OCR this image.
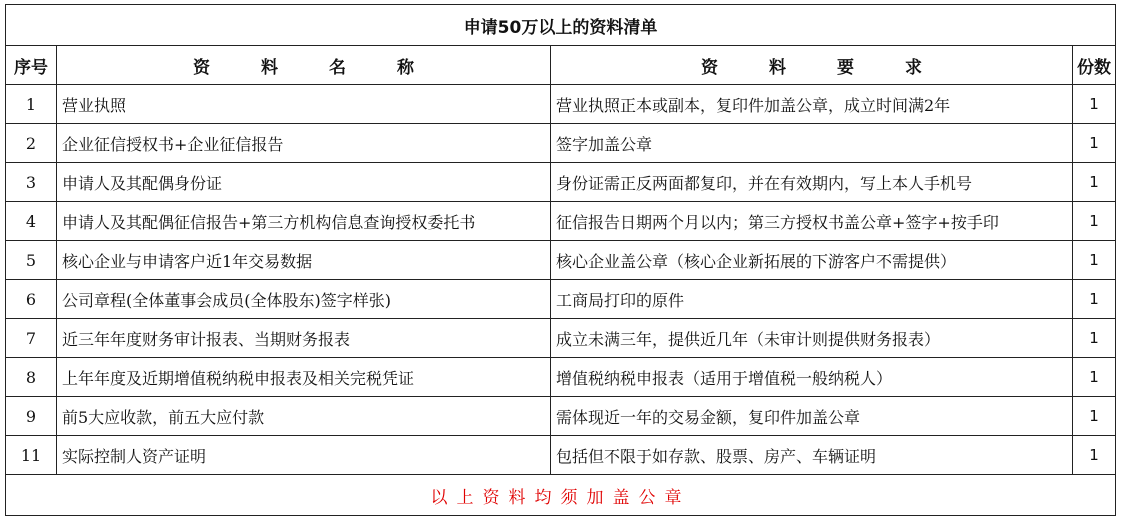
申请50万以上的资料清单			
序号	资　　　料　　　名　　　称	资　　　料　　　要　　　求	份数
1	营业执照	营业执照正本或副本，复印件加盖公章，成立时间满2年	1
2	企业征信授权书+企业征信报告	签字加盖公章	1
3	申请人及其配偶身份证	身份证需正反两面都复印，并在有效期内，写上本人手机号	1
4	申请人及其配偶征信报告+第三方机构信息查询授权委托书	征信报告日期两个月以内；第三方授权书盖公章+签字+按手印	1
5	核心企业与申请客户近1年交易数据	核心企业盖公章（核心企业新拓展的下游客户不需提供）	1
6	公司章程(全体董事会成员(全体股东)签字样张)	工商局打印的原件	1
7	近三年年度财务审计报表、当期财务报表	成立未满三年，提供近几年（未审计则提供财务报表）	1
8	上年年度及近期增值税纳税申报表及相关完税凭证	增值税纳税申报表（适用于增值税一般纳税人）	1
9	前5大应收款，前五大应付款	需体现近一年的交易金额，复印件加盖公章	1
11	实际控制人资产证明	包括但不限于如存款、股票、房产、车辆证明	1
以上资料均须加盖公章			
